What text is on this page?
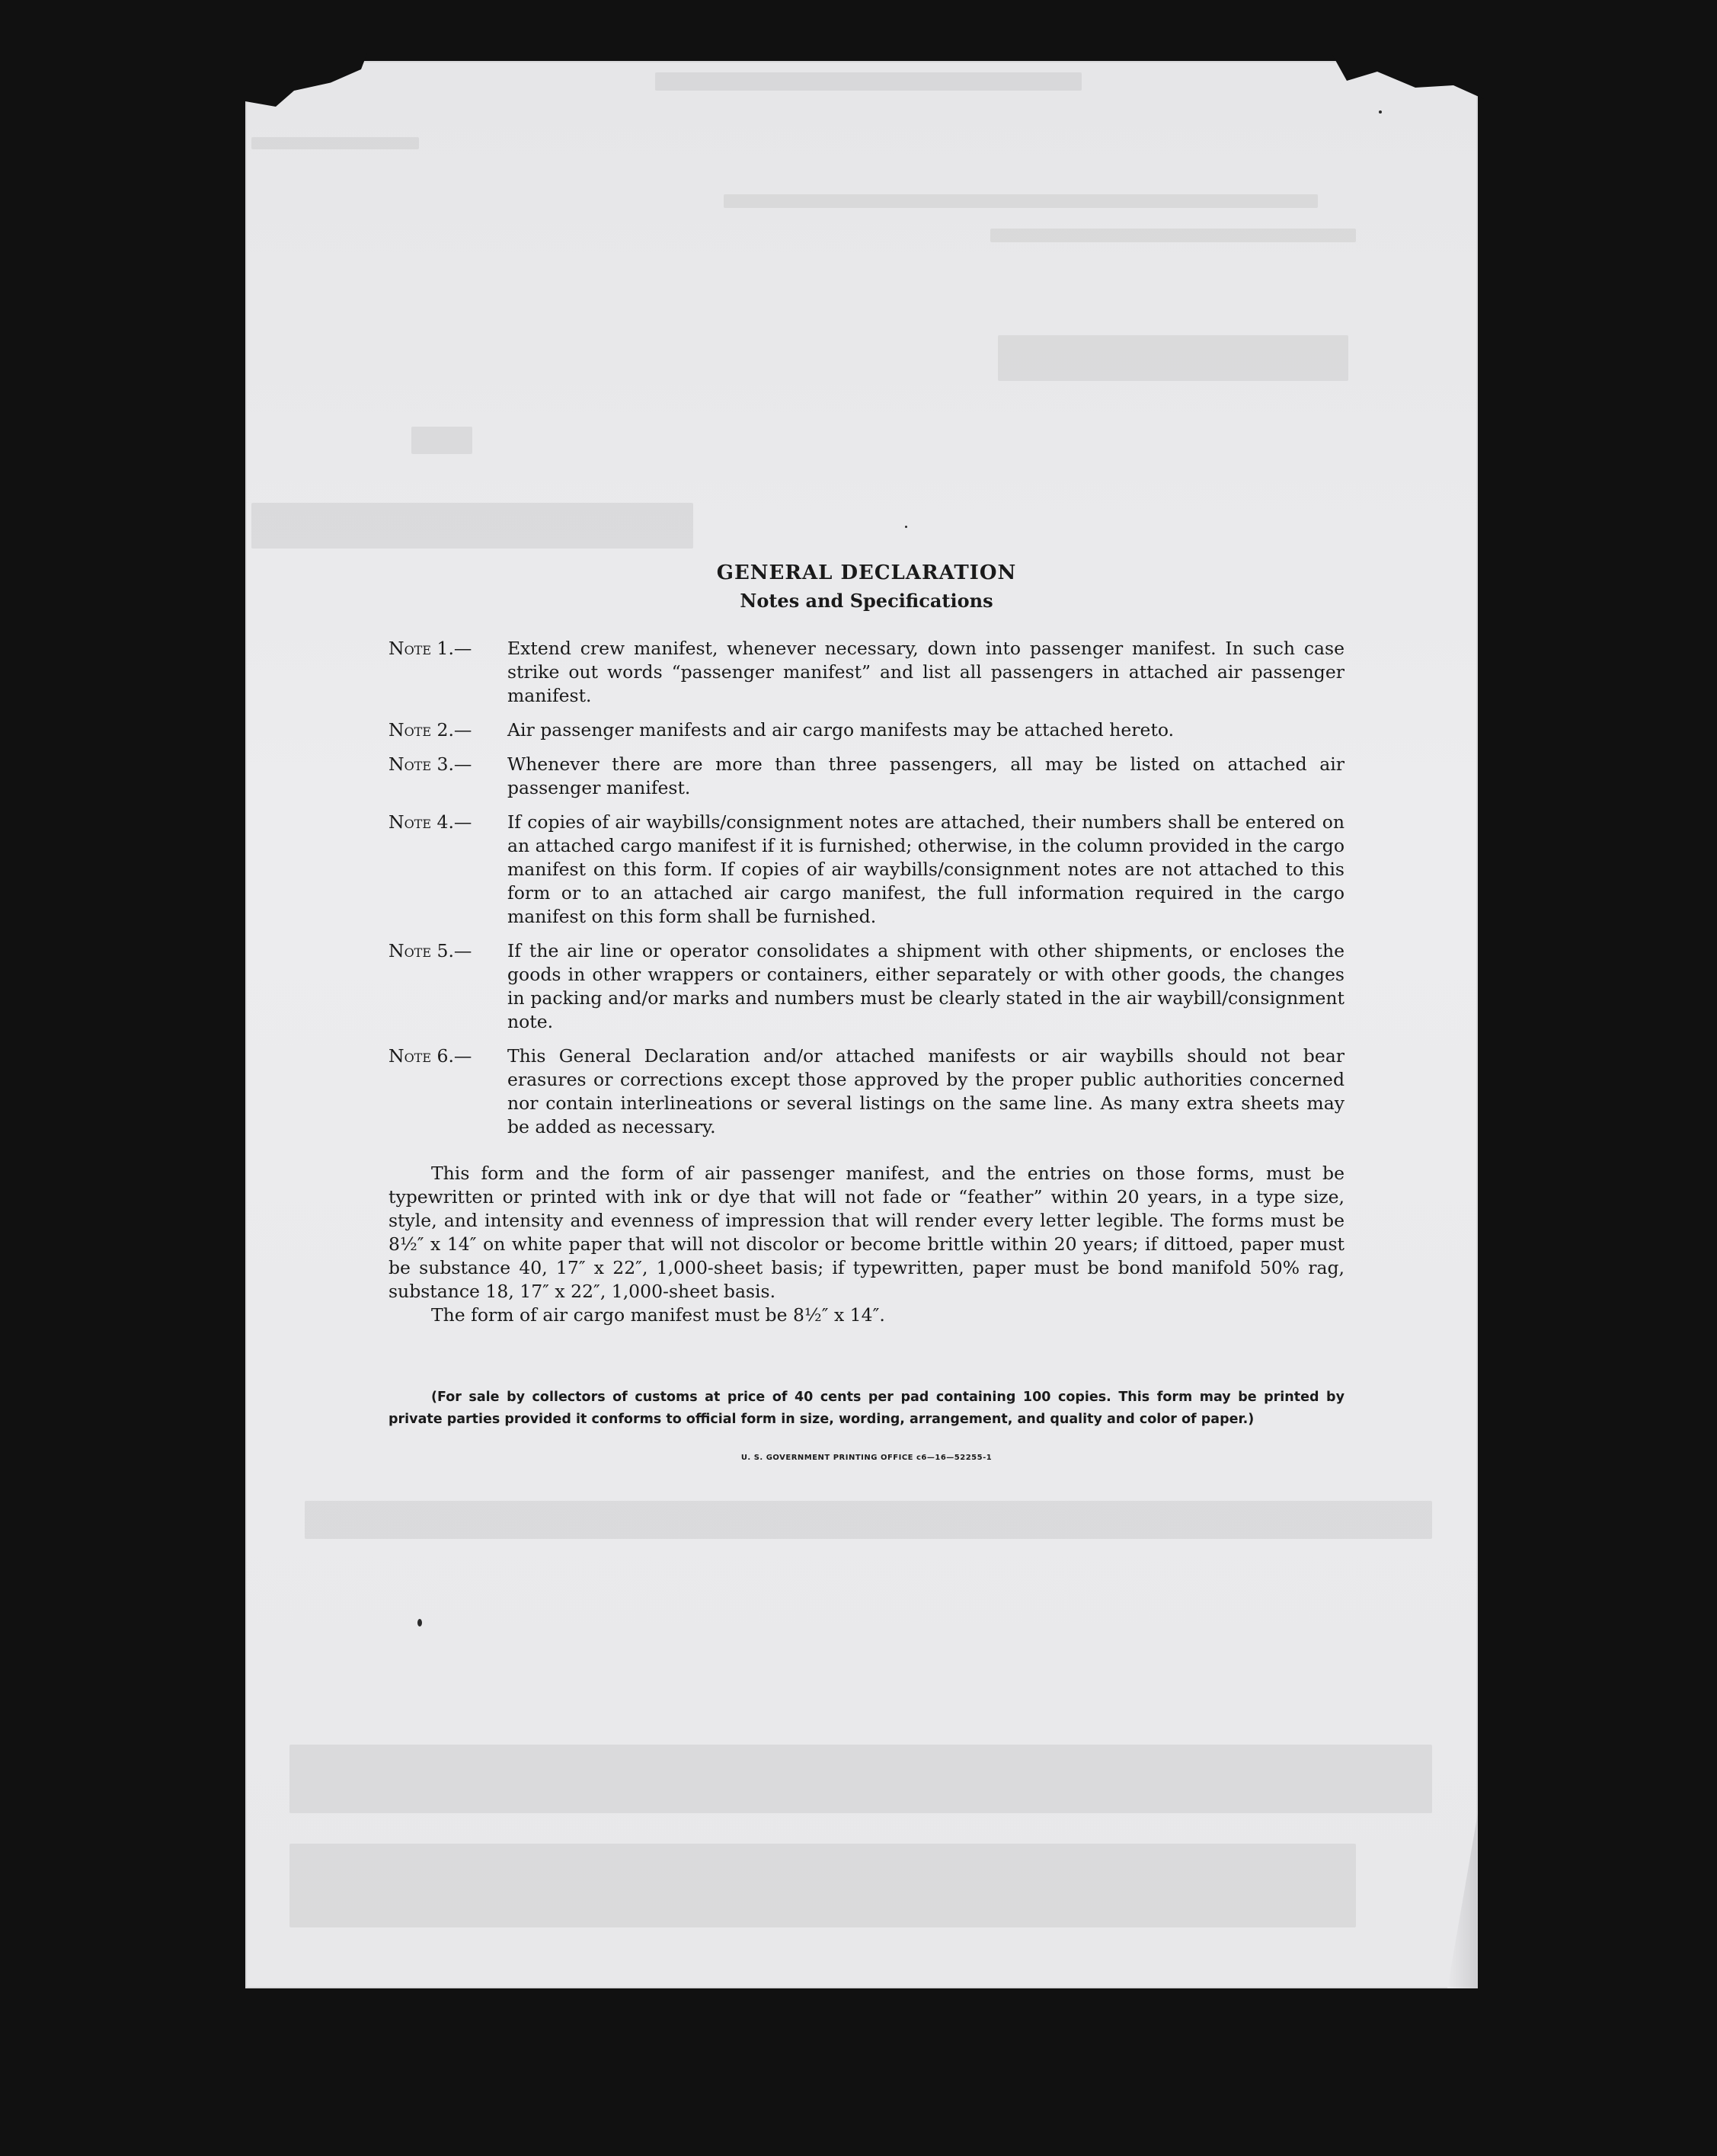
GENERAL DECLARATION
Notes and Specifications
Note 1.—	Extend crew manifest, whenever necessary, down into passenger manifest. In such case strike out words “passenger manifest” and list all passengers in attached air passenger manifest.
Note 2.—	Air passenger manifests and air cargo manifests may be attached hereto.
Note 3.—	Whenever there are more than three passengers, all may be listed on attached air passenger manifest.
Note 4.—	If copies of air waybills/consignment notes are attached, their numbers shall be entered on an attached cargo manifest if it is furnished; otherwise, in the column provided in the cargo manifest on this form. If copies of air waybills/consignment notes are not attached to this form or to an attached air cargo manifest, the full information required in the cargo manifest on this form shall be furnished.
Note 5.—	If the air line or operator consolidates a shipment with other shipments, or encloses the goods in other wrappers or containers, either separately or with other goods, the changes in packing and/or marks and numbers must be clearly stated in the air waybill/consignment note.
Note 6.—	This General Declaration and/or attached manifests or air waybills should not bear erasures or corrections except those approved by the proper public authorities concerned nor contain interlineations or several listings on the same line. As many extra sheets may be added as necessary.

This form and the form of air passenger manifest, and the entries on those forms, must be typewritten or printed with ink or dye that will not fade or “feather” within 20 years, in a type size, style, and intensity and evenness of impression that will render every letter legible. The forms must be 8½″ x 14″ on white paper that will not discolor or become brittle within 20 years; if dittoed, paper must be substance 40, 17″ x 22″, 1,000-sheet basis; if typewritten, paper must be bond manifold 50% rag, substance 18, 17″ x 22″, 1,000-sheet basis.

The form of air cargo manifest must be 8½″ x 14″.

(For sale by collectors of customs at price of 40 cents per pad containing 100 copies. This form may be printed by private parties provided it conforms to official form in size, wording, arrangement, and quality and color of paper.)

U. S. GOVERNMENT PRINTING OFFICE c6—16—52255-1
